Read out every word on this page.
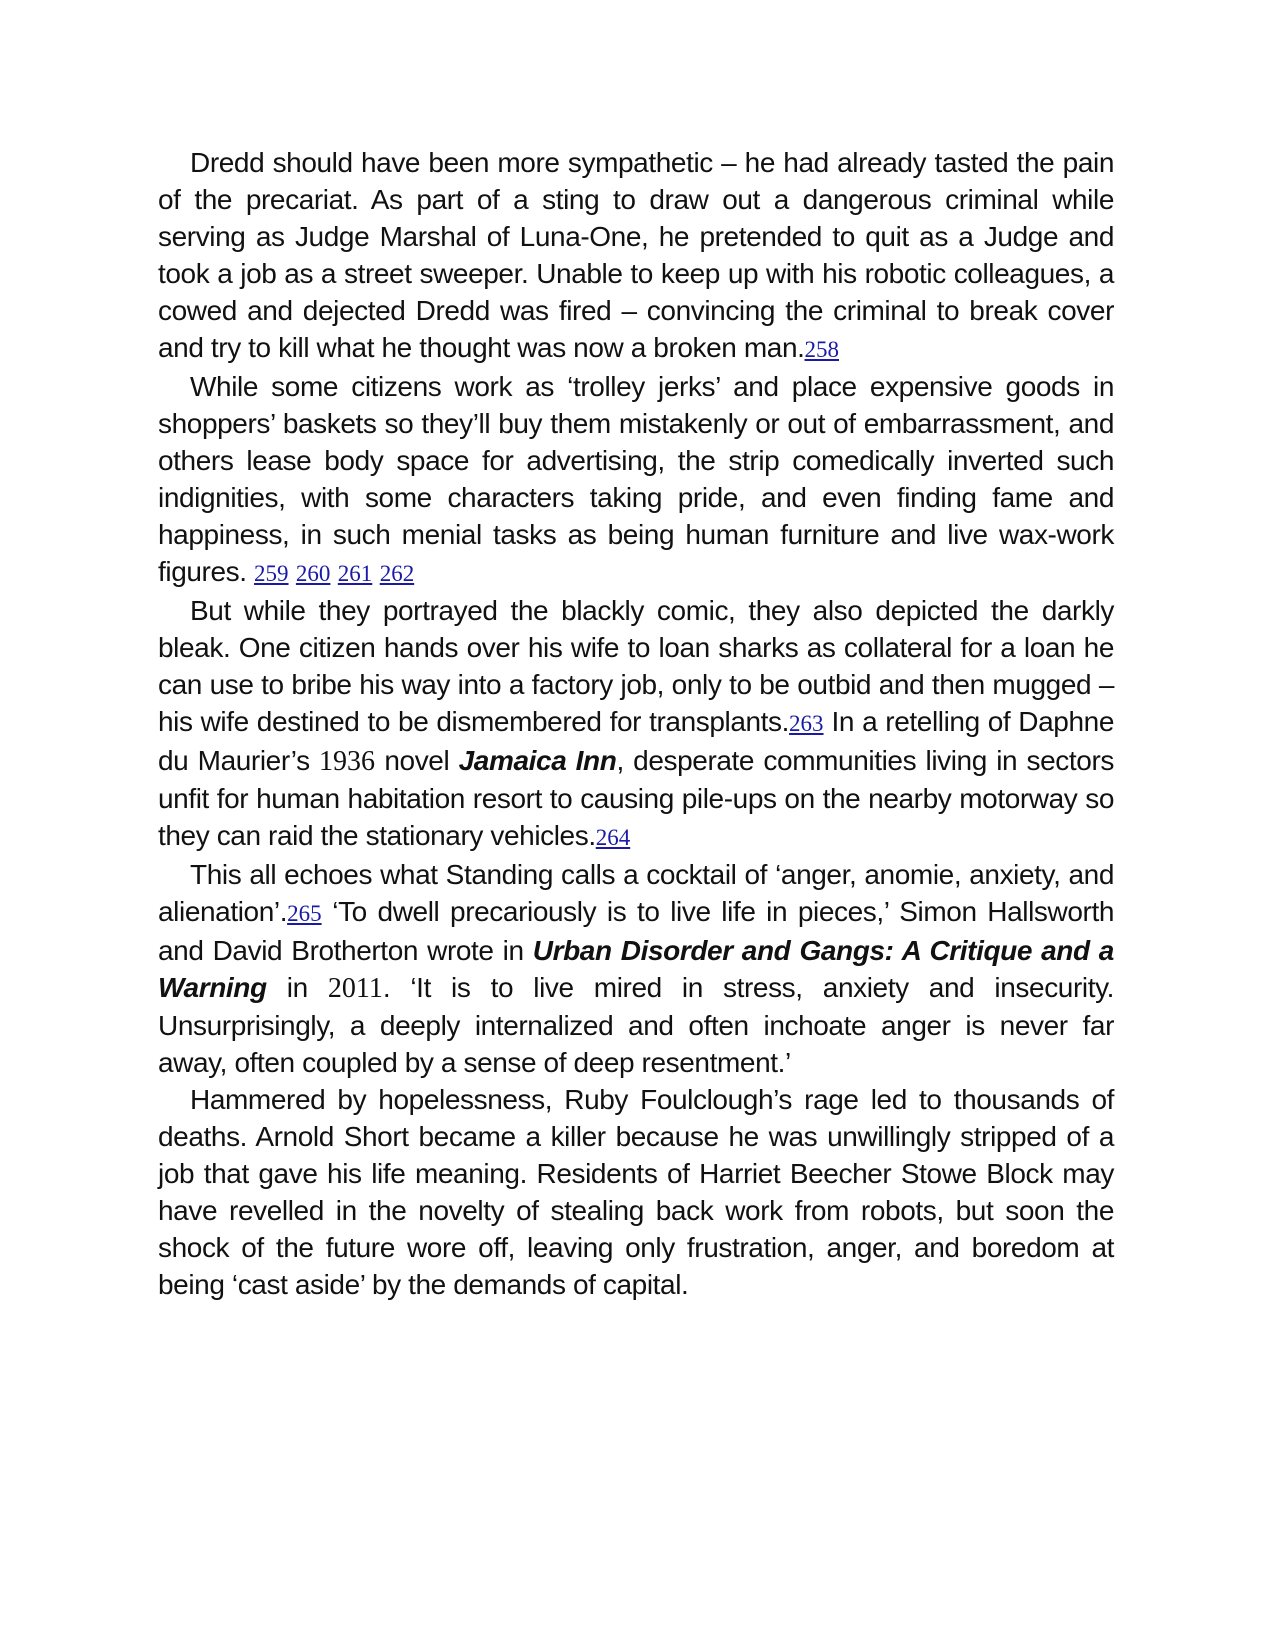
Dredd should have been more sympathetic – he had already tasted the pain of the precariat. As part of a sting to draw out a dangerous criminal while serving as Judge Marshal of Luna-One, he pretended to quit as a Judge and took a job as a street sweeper. Unable to keep up with his robotic colleagues, a cowed and dejected Dredd was fired – convincing the criminal to break cover and try to kill what he thought was now a broken man.258

While some citizens work as ‘trolley jerks’ and place expensive goods in shoppers’ baskets so they’ll buy them mistakenly or out of embarrassment, and others lease body space for advertising, the strip comedically inverted such indignities, with some characters taking pride, and even finding fame and happiness, in such menial tasks as being human furniture and live wax-work figures. 259 260 261 262

But while they portrayed the blackly comic, they also depicted the darkly bleak. One citizen hands over his wife to loan sharks as collateral for a loan he can use to bribe his way into a factory job, only to be outbid and then mugged – his wife destined to be dismembered for transplants.263 In a retelling of Daphne du Maurier’s 1936 novel Jamaica Inn, desperate communities living in sectors unfit for human habitation resort to causing pile-ups on the nearby motorway so they can raid the stationary vehicles.264

This all echoes what Standing calls a cocktail of ‘anger, anomie, anxiety, and alienation’.265 ‘To dwell precariously is to live life in pieces,’ Simon Hallsworth and David Brotherton wrote in Urban Disorder and Gangs: A Critique and a Warning in 2011. ‘It is to live mired in stress, anxiety and insecurity. Unsurprisingly, a deeply internalized and often inchoate anger is never far away, often coupled by a sense of deep resentment.’

Hammered by hopelessness, Ruby Foulclough’s rage led to thousands of deaths. Arnold Short became a killer because he was unwillingly stripped of a job that gave his life meaning. Residents of Harriet Beecher Stowe Block may have revelled in the novelty of stealing back work from robots, but soon the shock of the future wore off, leaving only frustration, anger, and boredom at being ‘cast aside’ by the demands of capital.
